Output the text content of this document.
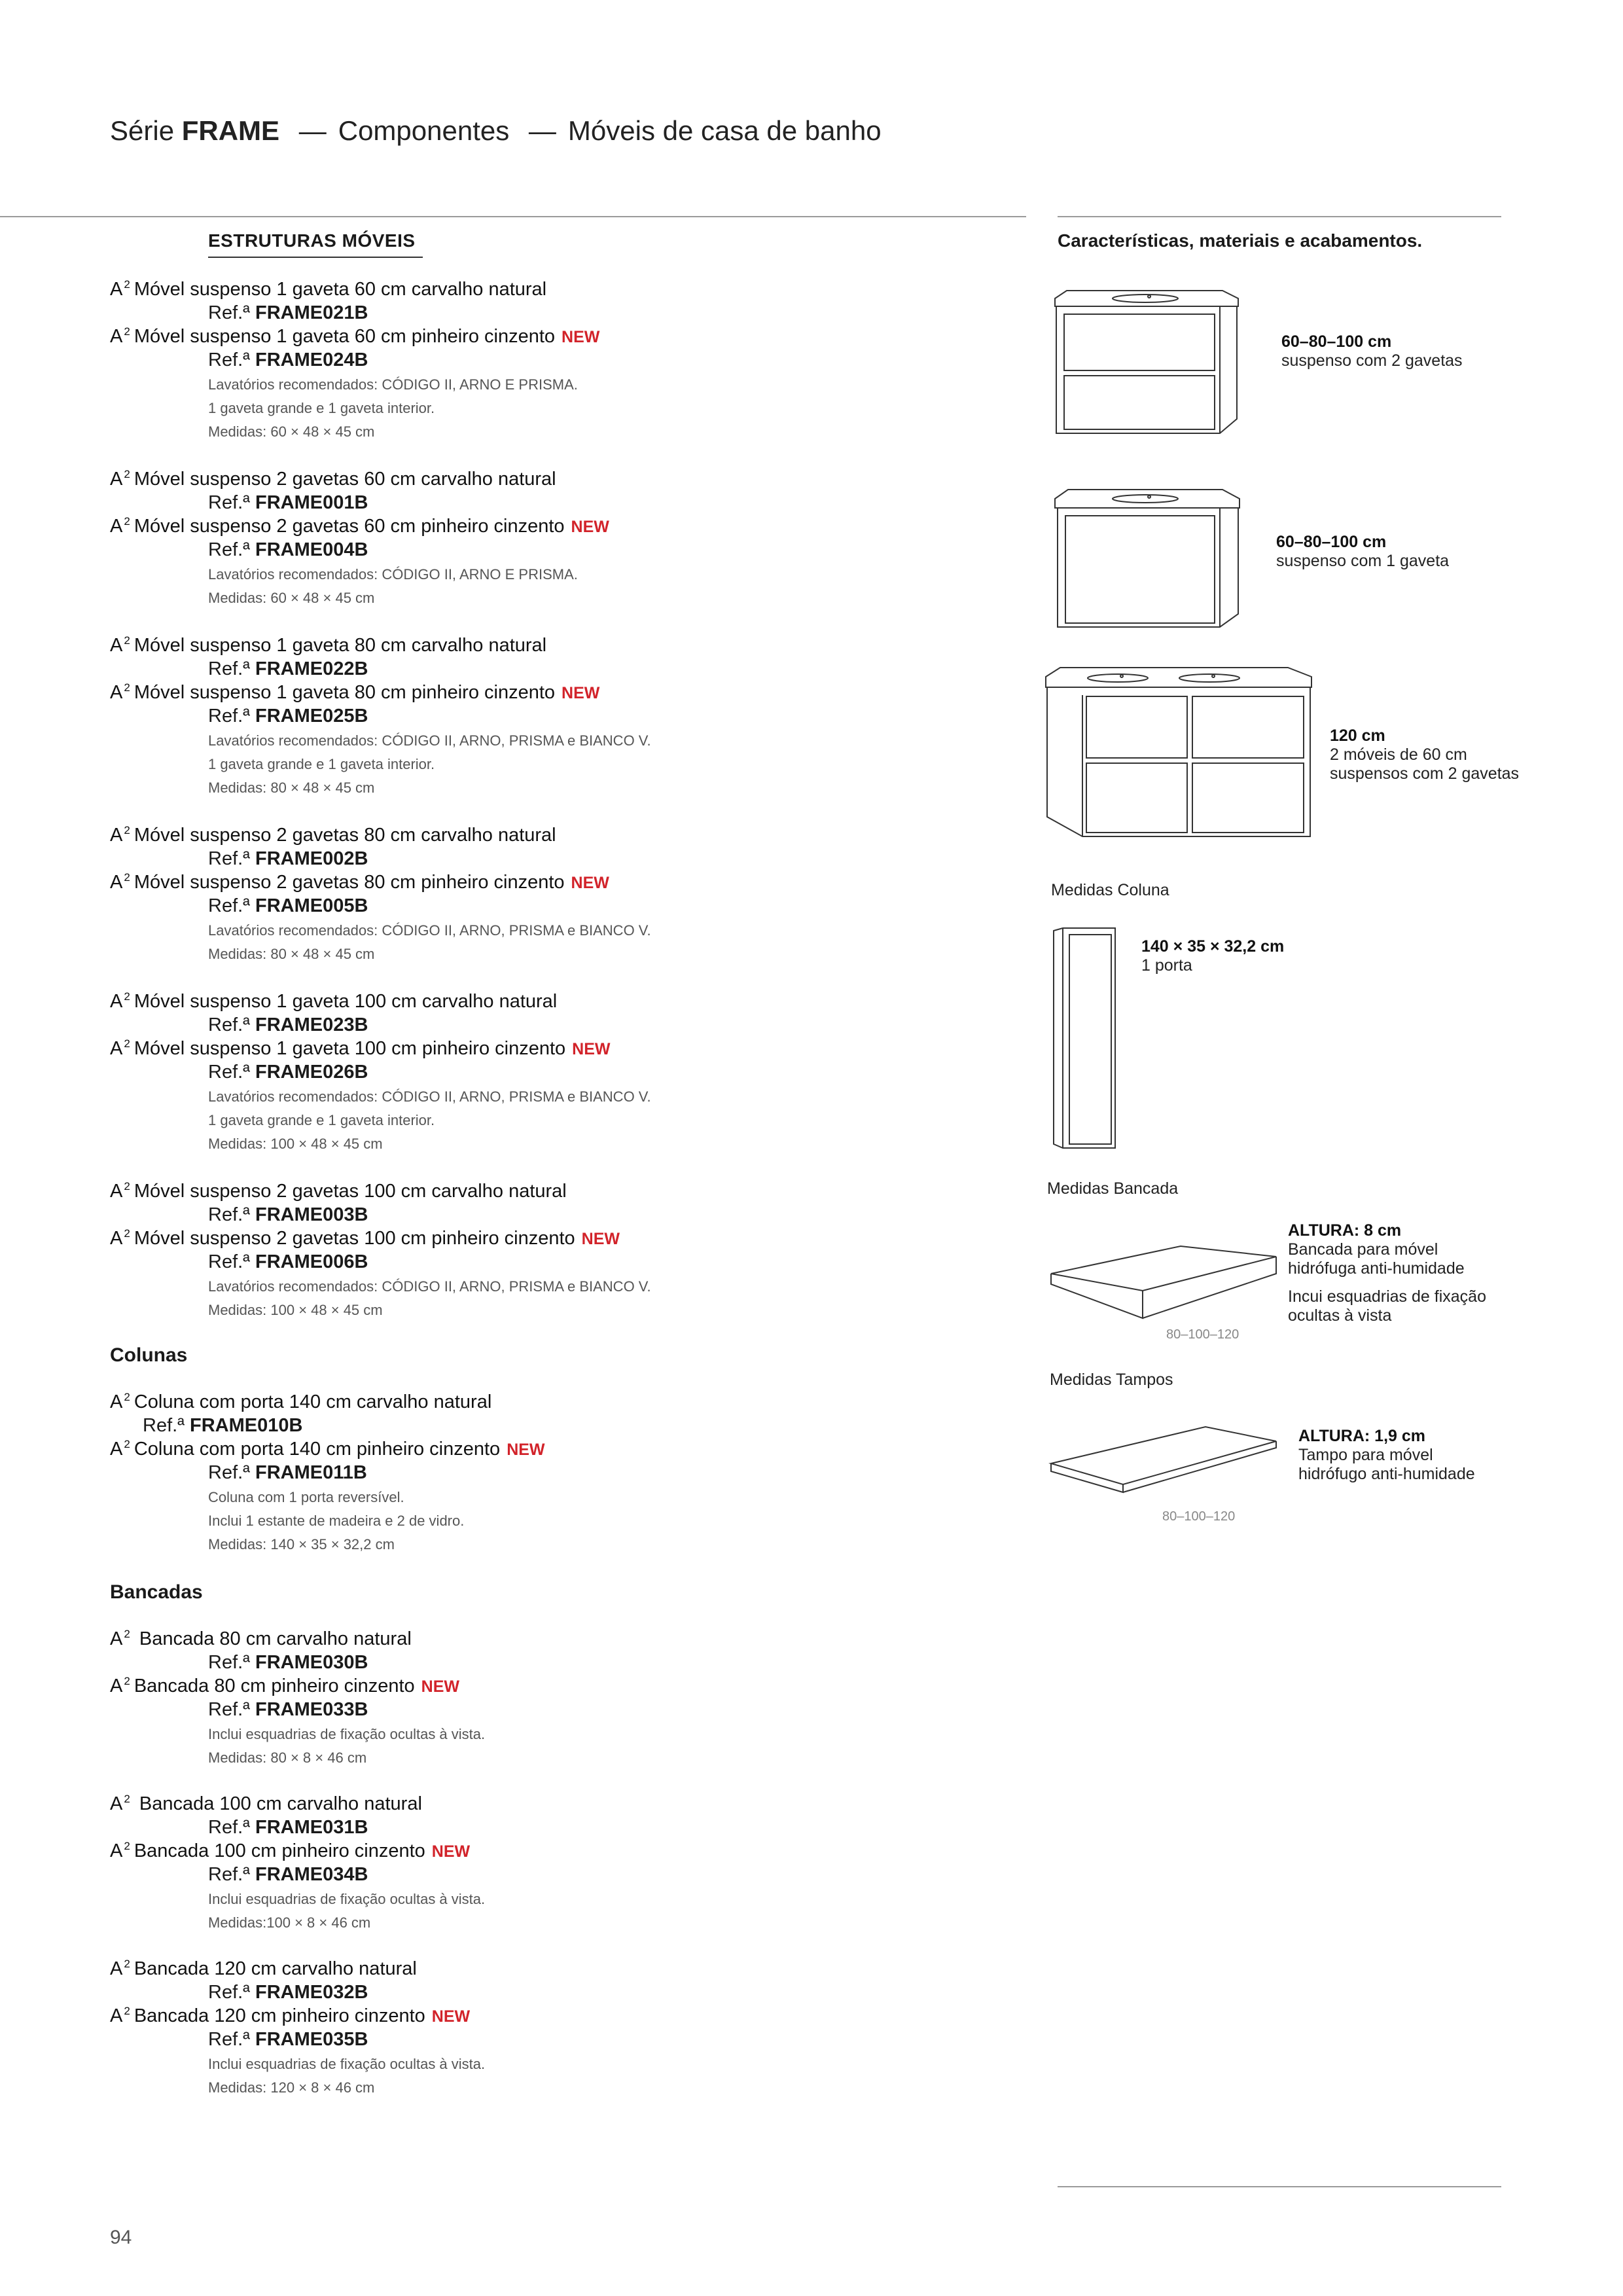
Série FRAME — Componentes — Móveis de casa de banho
ESTRUTURAS MÓVEIS	Características, materiais e acabamentos.
A $^2$ Móvel suspenso 1 gaveta 60 cm carvalho natural
Ref.ª FRAME021B
A $^2$ Móvel suspenso 1 gaveta 60 cm pinheiro cinzento NEW
Ref.ª FRAME024B
Lavatórios recomendados: CÓDIGO II, ARNO E PRISMA.
1 gaveta grande e 1 gaveta interior.
Medidas: 60 × 48 × 45 cm
A $^2$ Móvel suspenso 2 gavetas 60 cm carvalho natural
Ref.ª FRAME001B
A $^2$ Móvel suspenso 2 gavetas 60 cm pinheiro cinzento NEW
Ref.ª FRAME004B
Lavatórios recomendados: CÓDIGO II, ARNO E PRISMA.
Medidas: 60 × 48 × 45 cm
A $^2$ Móvel suspenso 1 gaveta 80 cm carvalho natural
Ref.ª FRAME022B
A $^2$ Móvel suspenso 1 gaveta 80 cm pinheiro cinzento NEW
Ref.ª FRAME025B
Lavatórios recomendados: CÓDIGO II, ARNO, PRISMA e BIANCO V.
1 gaveta grande e 1 gaveta interior.
Medidas: 80 × 48 × 45 cm
A $^2$ Móvel suspenso 2 gavetas 80 cm carvalho natural
Ref.ª FRAME002B
A $^2$ Móvel suspenso 2 gavetas 80 cm pinheiro cinzento NEW
Ref.ª FRAME005B
Lavatórios recomendados: CÓDIGO II, ARNO, PRISMA e BIANCO V.
Medidas: 80 × 48 × 45 cm
A $^2$ Móvel suspenso 1 gaveta 100 cm carvalho natural
Ref.ª FRAME023B
A $^2$ Móvel suspenso 1 gaveta 100 cm pinheiro cinzento NEW
Ref.ª FRAME026B
Lavatórios recomendados: CÓDIGO II, ARNO, PRISMA e BIANCO V.
1 gaveta grande e 1 gaveta interior.
Medidas: 100 × 48 × 45 cm
A $^2$ Móvel suspenso 2 gavetas 100 cm carvalho natural
Ref.ª FRAME003B
A $^2$ Móvel suspenso 2 gavetas 100 cm pinheiro cinzento NEW
Ref.ª FRAME006B
Lavatórios recomendados: CÓDIGO II, ARNO, PRISMA e BIANCO V.
Medidas: 100 × 48 × 45 cm
Colunas
A $^2$ Coluna com porta 140 cm carvalho natural
Ref.ª FRAME010B
A $^2$ Coluna com porta 140 cm pinheiro cinzento NEW
Ref.ª FRAME011B
Coluna com 1 porta reversível.
Inclui 1 estante de madeira e 2 de vidro.
Medidas: 140 × 35 × 32,2 cm
Bancadas
A $^2$ Bancada 80 cm carvalho natural
Ref.ª FRAME030B
A $^2$ Bancada 80 cm pinheiro cinzento NEW
Ref.ª FRAME033B
Inclui esquadrias de fixação ocultas à vista.
Medidas: 80 × 8 × 46 cm
A $^2$ Bancada 100 cm carvalho natural
Ref.ª FRAME031B
A $^2$ Bancada 100 cm pinheiro cinzento NEW
Ref.ª FRAME034B
Inclui esquadrias de fixação ocultas à vista.
Medidas:100 × 8 × 46 cm
A $^2$ Bancada 120 cm carvalho natural
Ref.ª FRAME032B
A $^2$ Bancada 120 cm pinheiro cinzento NEW
Ref.ª FRAME035B
Inclui esquadrias de fixação ocultas à vista.
Medidas: 120 × 8 × 46 cm
60–80–100 cm
suspenso com 2 gavetas
60–80–100 cm
suspenso com 1 gaveta
120 cm
2 móveis de 60 cm
suspensos com 2 gavetas
Medidas Coluna
140 × 35 × 32,2 cm
1 porta
Medidas Bancada
80–100–120
ALTURA: 8 cm
Bancada para móvel
hidrófuga anti-humidade
Incui esquadrias de fixação
ocultas à vista
Medidas Tampos
80–100–120
ALTURA: 1,9 cm
Tampo para móvel
hidrófugo anti-humidade
94
